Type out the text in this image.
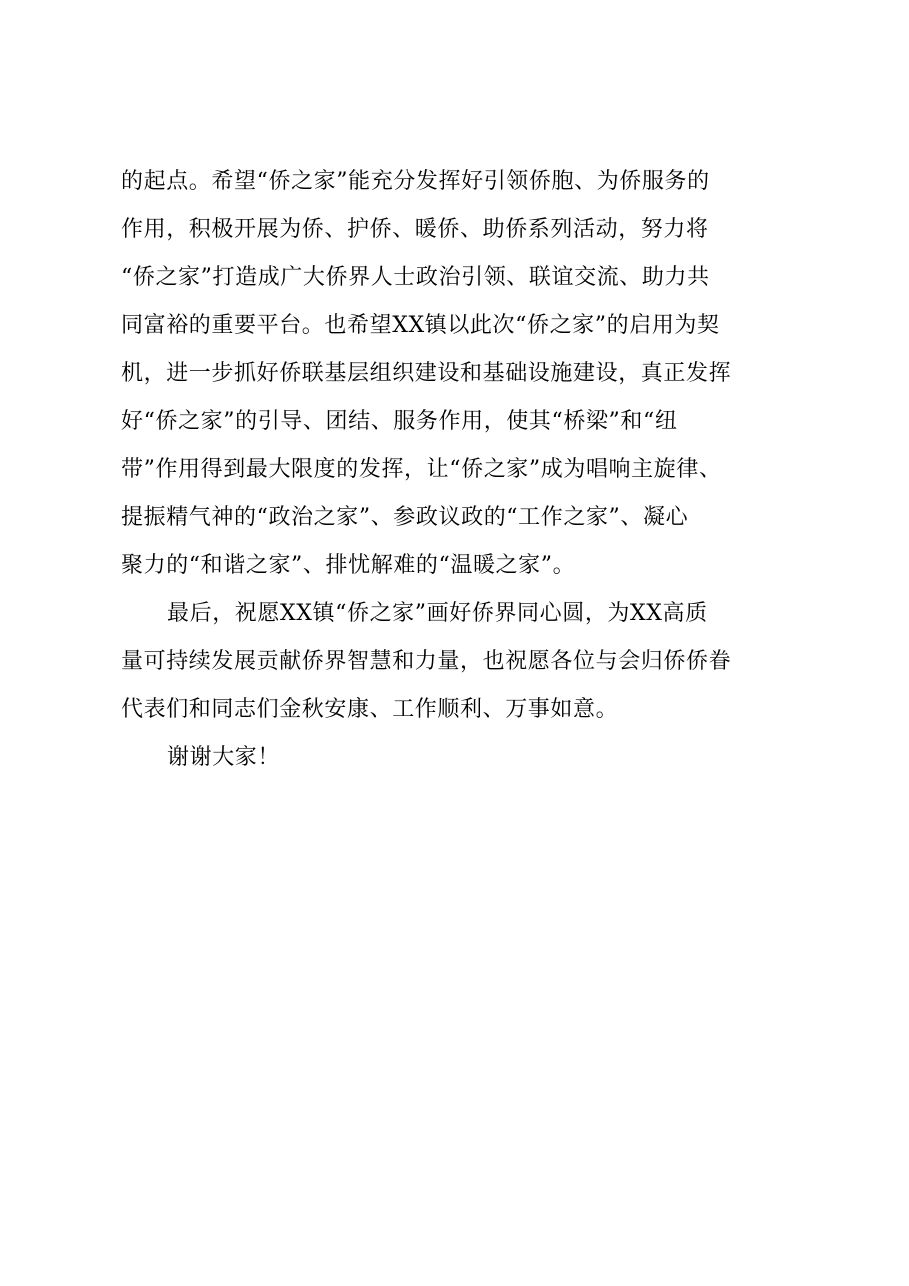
的起点。希望“侨之家”能充分发挥好引领侨胞、为侨服务的
作用，积极开展为侨、护侨、暖侨、助侨系列活动，努力将
“侨之家”打造成广大侨界人士政治引领、联谊交流、助力共
同富裕的重要平台。也希望XX镇以此次“侨之家”的启用为契
机，进一步抓好侨联基层组织建设和基础设施建设，真正发挥
好“侨之家”的引导、团结、服务作用，使其“桥梁”和“纽
带”作用得到最大限度的发挥，让“侨之家”成为唱响主旋律、
提振精气神的“政治之家”、参政议政的“工作之家”、凝心
聚力的“和谐之家”、排忧解难的“温暖之家”。
最后，祝愿XX镇“侨之家”画好侨界同心圆，为XX高质
量可持续发展贡献侨界智慧和力量，也祝愿各位与会归侨侨眷
代表们和同志们金秋安康、工作顺利、万事如意。
谢谢大家！
